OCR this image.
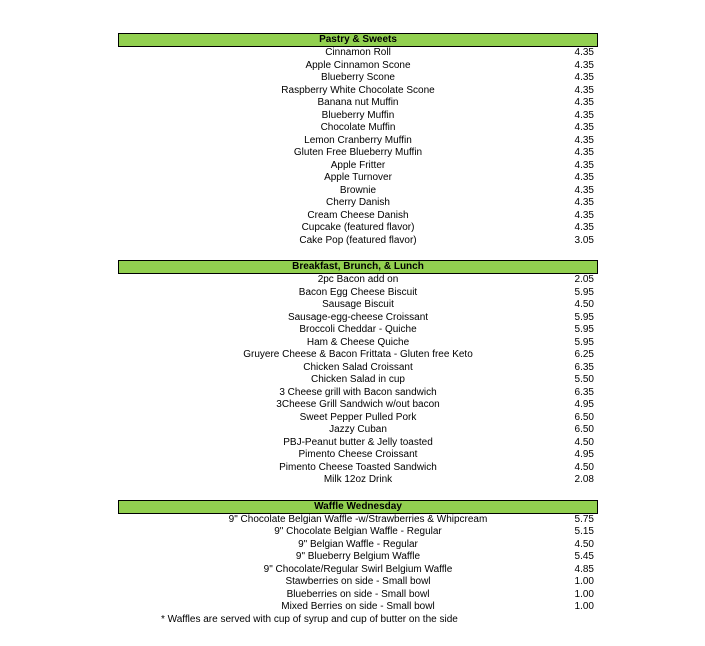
Pastry & Sweets
Cinnamon Roll	4.35
Apple Cinnamon Scone	4.35
Blueberry Scone	4.35
Raspberry White Chocolate Scone	4.35
Banana nut Muffin	4.35
Blueberry Muffin	4.35
Chocolate Muffin	4.35
Lemon Cranberry Muffin	4.35
Gluten Free Blueberry Muffin	4.35
Apple Fritter	4.35
Apple Turnover	4.35
Brownie	4.35
Cherry Danish	4.35
Cream Cheese Danish	4.35
Cupcake (featured flavor)	4.35
Cake Pop (featured flavor)	3.05
Breakfast, Brunch, & Lunch
2pc Bacon add on	2.05
Bacon Egg Cheese Biscuit	5.95
Sausage Biscuit	4.50
Sausage-egg-cheese Croissant	5.95
Broccoli Cheddar - Quiche	5.95
Ham & Cheese Quiche	5.95
Gruyere Cheese & Bacon Frittata - Gluten free Keto	6.25
Chicken Salad Croissant	6.35
Chicken Salad in cup	5.50
3 Cheese grill with Bacon sandwich	6.35
3Cheese Grill Sandwich w/out bacon	4.95
Sweet Pepper Pulled Pork	6.50
Jazzy Cuban	6.50
PBJ-Peanut butter & Jelly toasted	4.50
Pimento Cheese Croissant	4.95
Pimento Cheese Toasted Sandwich	4.50
Milk 12oz Drink	2.08
Waffle Wednesday
9" Chocolate Belgian Waffle -w/Strawberries & Whipcream	5.75
9" Chocolate Belgian Waffle - Regular	5.15
9" Belgian Waffle - Regular	4.50
9" Blueberry Belgium Waffle	5.45
9" Chocolate/Regular Swirl Belgium Waffle	4.85
Stawberries on side - Small bowl	1.00
Blueberries on side - Small bowl	1.00
Mixed Berries on side - Small bowl	1.00
* Waffles are served with cup of syrup and cup of butter on the side
